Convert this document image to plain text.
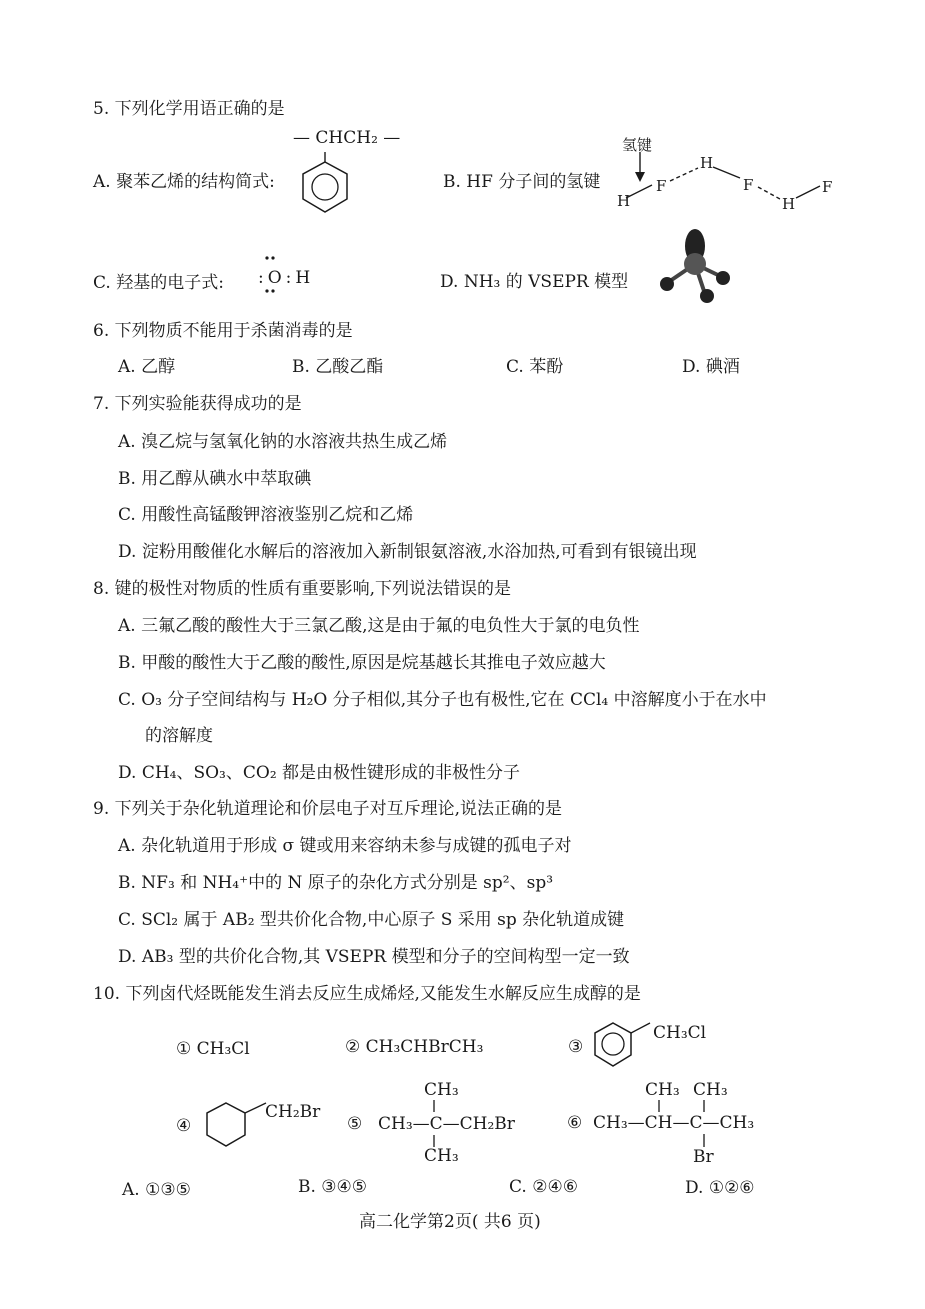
5. 下列化学用语正确的是
— CHCH₂ —
A. 聚苯乙烯的结构简式:	B. HF 分子间的氢键
氢键
H
F
H
F
H
F
C. 羟基的电子式: :O:H	D. NH₃ 的 VSEPR 模型
6. 下列物质不能用于杀菌消毒的是
A. 乙醇	B. 乙酸乙酯	C. 苯酚	D. 碘酒
7. 下列实验能获得成功的是
A. 溴乙烷与氢氧化钠的水溶液共热生成乙烯
B. 用乙醇从碘水中萃取碘
C. 用酸性高锰酸钾溶液鉴别乙烷和乙烯
D. 淀粉用酸催化水解后的溶液加入新制银氨溶液,水浴加热,可看到有银镜出现
8. 键的极性对物质的性质有重要影响,下列说法错误的是
A. 三氟乙酸的酸性大于三氯乙酸,这是由于氟的电负性大于氯的电负性
B. 甲酸的酸性大于乙酸的酸性,原因是烷基越长其推电子效应越大
C. O₃ 分子空间结构与 H₂O 分子相似,其分子也有极性,它在 CCl₄ 中溶解度小于在水中
的溶解度
D. CH₄、SO₃、CO₂ 都是由极性键形成的非极性分子
9. 下列关于杂化轨道理论和价层电子对互斥理论,说法正确的是
A. 杂化轨道用于形成 σ 键或用来容纳未参与成键的孤电子对
B. NF₃ 和 NH₄⁺中的 N 原子的杂化方式分别是 sp²、sp³
C. SCl₂ 属于 AB₂ 型共价化合物,中心原子 S 采用 sp 杂化轨道成键
D. AB₃ 型的共价化合物,其 VSEPR 模型和分子的空间构型一定一致
10. 下列卤代烃既能发生消去反应生成烯烃,又能发生水解反应生成醇的是
① CH₃Cl	② CH₃CHBrCH₃	③
CH₃Cl
④
CH₂Br
⑤
CH₃
CH₃—C—CH₂Br
CH₃
⑥
CH₃ CH₃
CH₃—CH—C—CH₃
Br
A. ①③⑤	B. ③④⑤	C. ②④⑥	D. ①②⑥
高二化学第2页( 共6 页)
